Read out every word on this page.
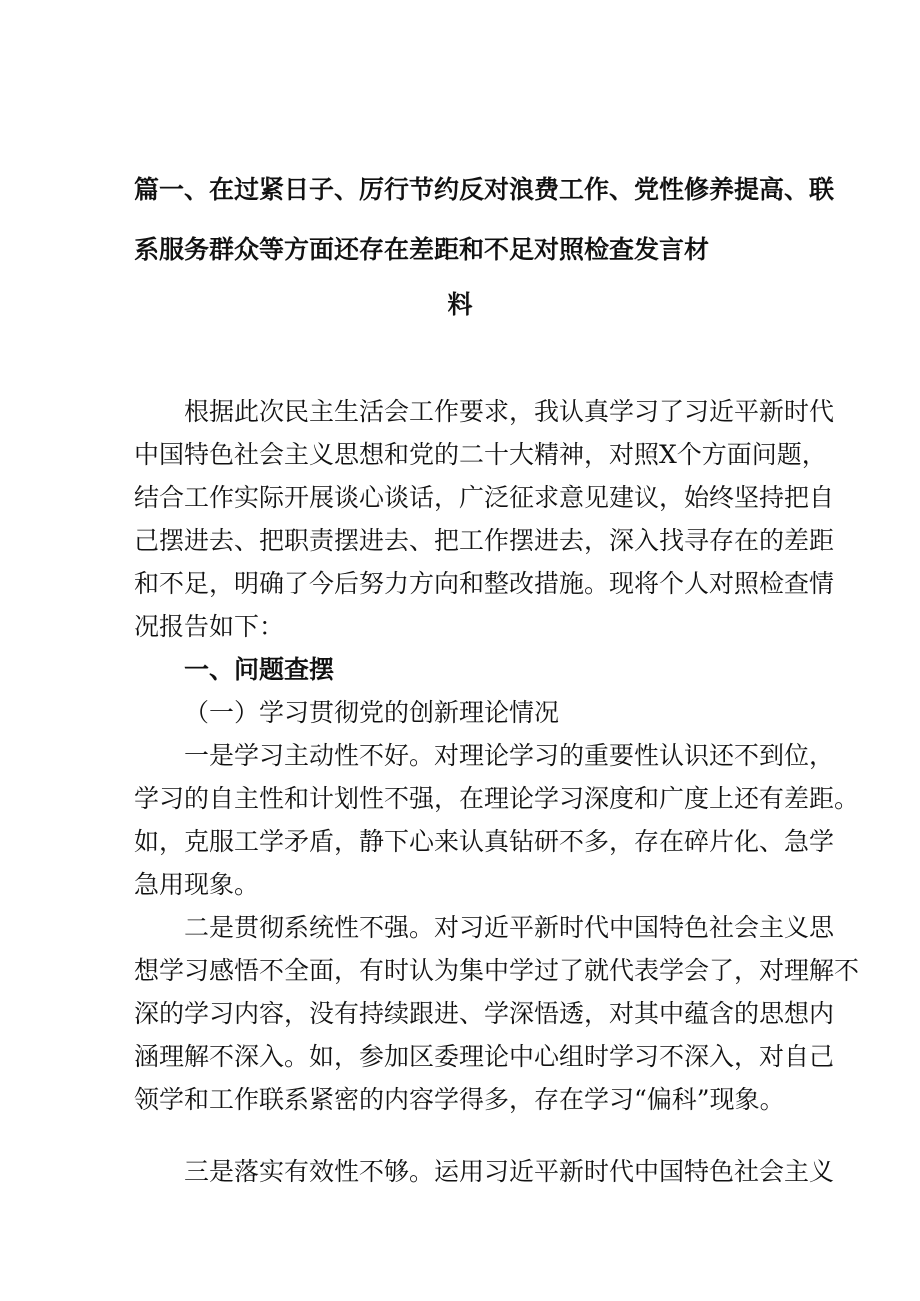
篇一、在过紧日子、厉行节约反对浪费工作、党性修养提高、联
系服务群众等方面还存在差距和不足对照检查发言材
料
根据此次民主生活会工作要求，我认真学习了习近平新时代
中国特色社会主义思想和党的二十大精神，对照X个方面问题，
结合工作实际开展谈心谈话，广泛征求意见建议，始终坚持把自
己摆进去、把职责摆进去、把工作摆进去，深入找寻存在的差距
和不足，明确了今后努力方向和整改措施。现将个人对照检查情
况报告如下：
一、问题查摆
（一）学习贯彻党的创新理论情况
一是学习主动性不好。对理论学习的重要性认识还不到位，
学习的自主性和计划性不强，在理论学习深度和广度上还有差距。
如，克服工学矛盾，静下心来认真钻研不多，存在碎片化、急学
急用现象。
二是贯彻系统性不强。对习近平新时代中国特色社会主义思
想学习感悟不全面，有时认为集中学过了就代表学会了，对理解不
深的学习内容，没有持续跟进、学深悟透，对其中蕴含的思想内
涵理解不深入。如，参加区委理论中心组时学习不深入，对自己
领学和工作联系紧密的内容学得多，存在学习“偏科”现象。
三是落实有效性不够。运用习近平新时代中国特色社会主义
